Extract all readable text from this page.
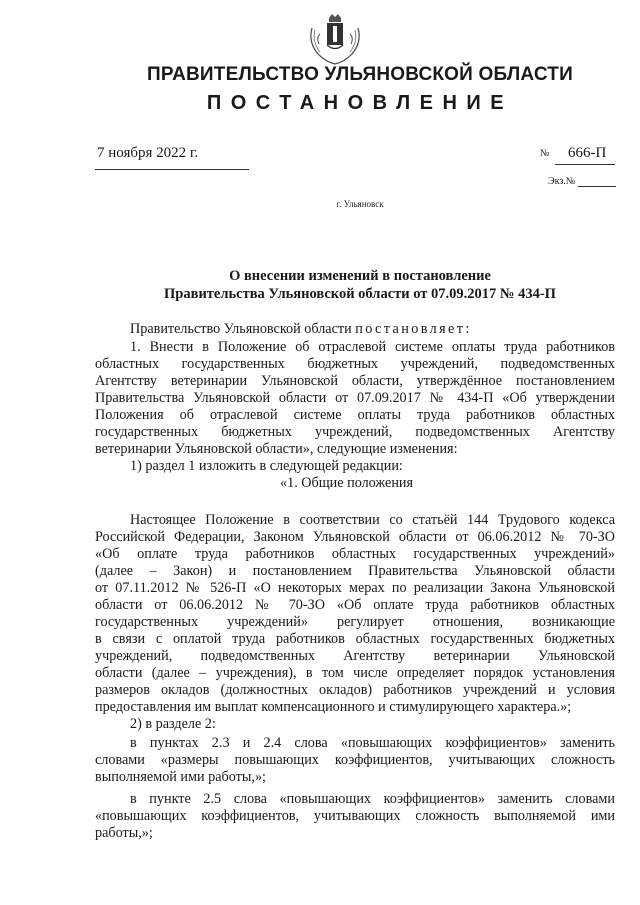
ПРАВИТЕЛЬСТВО УЛЬЯНОВСКОЙ ОБЛАСТИ
ПОСТАНОВЛЕНИЕ
7 ноября 2022 г.	№ 666-П
Экз.№
г. Ульяновск
О внесении изменений в постановление
Правительства Ульяновской области от 07.09.2017 № 434-П
Правительство Ульяновской области постановляет:
1. Внести в Положение об отраслевой системе оплаты труда работников
областных государственных бюджетных учреждений, подведомственных
Агентству ветеринарии Ульяновской области, утверждённое постановлением
Правительства Ульяновской области от 07.09.2017 № 434-П «Об утверждении
Положения об отраслевой системе оплаты труда работников областных
государственных бюджетных учреждений, подведомственных Агентству
ветеринарии Ульяновской области», следующие изменения:
1) раздел 1 изложить в следующей редакции:
«1. Общие положения
Настоящее Положение в соответствии со статьёй 144 Трудового кодекса
Российской Федерации, Законом Ульяновской области от 06.06.2012 № 70-ЗО
«Об оплате труда работников областных государственных учреждений»
(далее – Закон) и постановлением Правительства Ульяновской области
от 07.11.2012 № 526-П «О некоторых мерах по реализации Закона Ульяновской
области от 06.06.2012 № 70-ЗО «Об оплате труда работников областных
государственных учреждений» регулирует отношения, возникающие
в связи с оплатой труда работников областных государственных бюджетных
учреждений, подведомственных Агентству ветеринарии Ульяновской
области (далее – учреждения), в том числе определяет порядок установления
размеров окладов (должностных окладов) работников учреждений и условия
предоставления им выплат компенсационного и стимулирующего характера.»;
2) в разделе 2:
в пунктах 2.3 и 2.4 слова «повышающих коэффициентов» заменить
словами «размеры повышающих коэффициентов, учитывающих сложность
выполняемой ими работы,»;
в пункте 2.5 слова «повышающих коэффициентов» заменить словами
«повышающих коэффициентов, учитывающих сложность выполняемой ими
работы,»;
